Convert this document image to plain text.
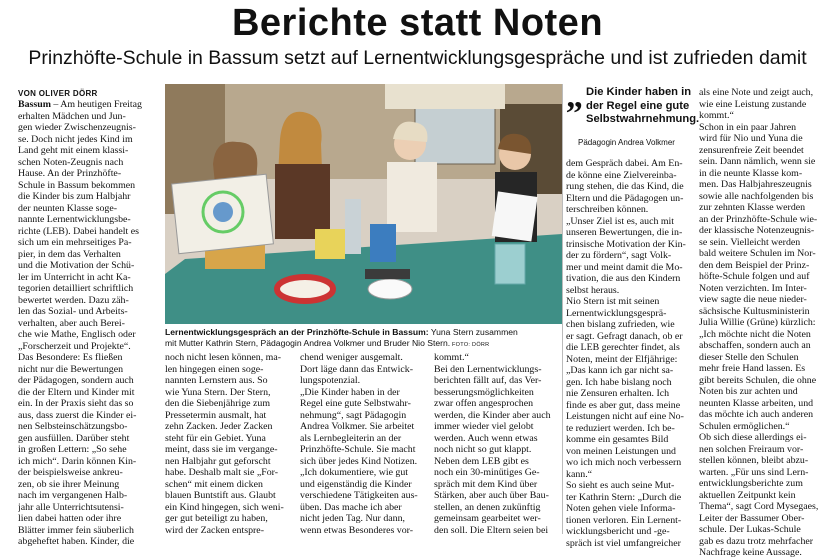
Berichte statt Noten
Prinzhöfte-Schule in Bassum setzt auf Lernentwicklungsgespräche und ist zufrieden damit
VON OLIVER DÖRR
Bassum – Am heutigen Freitag
erhalten Mädchen und Jun-
gen wieder Zwischenzeugnis-
se. Doch nicht jedes Kind im
Land geht mit einem klassi-
schen Noten-Zeugnis nach
Hause. An der Prinzhöfte-
Schule in Bassum bekommen
die Kinder bis zum Halbjahr
der neunten Klasse soge-
nannte Lernentwicklungsbe-
richte (LEB). Dabei handelt es
sich um ein mehrseitiges Pa-
pier, in dem das Verhalten
und die Motivation der Schü-
ler im Unterricht in acht Ka-
tegorien detailliert schriftlich
bewertet werden. Dazu zäh-
len das Sozial- und Arbeits-
verhalten, aber auch Berei-
che wie Mathe, Englisch oder
„Forscherzeit und Projekte“.
Das Besondere: Es fließen
nicht nur die Bewertungen
der Pädagogen, sondern auch
die der Eltern und Kinder mit
ein. In der Praxis sieht das so
aus, dass zuerst die Kinder ei-
nen Selbsteinschätzungsbo-
gen ausfüllen. Darüber steht
in großen Lettern: „So sehe
ich mich“. Darin können Kin-
der beispielsweise ankreu-
zen, ob sie ihrer Meinung
nach im vergangenen Halb-
jahr alle Unterrichtsutensi-
lien dabei hatten oder ihre
Blätter immer fein säuberlich
abgeheftet haben. Kinder, die
Lernentwicklungsgespräch an der Prinzhöfte-Schule in Bassum: Yuna Stern zusammen
mit Mutter Kathrin Stern, Pädagogin Andrea Volkmer und Bruder Nio Stern. FOTO: DÖRR
noch nicht lesen können, ma-
len hingegen einen soge-
nannten Lernstern aus. So
wie Yuna Stern. Der Stern,
den die Siebenjährige zum
Pressetermin ausmalt, hat
zehn Zacken. Jeder Zacken
steht für ein Gebiet. Yuna
meint, dass sie im vergange-
nen Halbjahr gut geforscht
habe. Deshalb malt sie „For-
schen“ mit einem dicken
blauen Buntstift aus. Glaubt
ein Kind hingegen, sich weni-
ger gut beteiligt zu haben,
wird der Zacken entspre-
chend weniger ausgemalt.
Dort läge dann das Entwick-
lungspotenzial.
„Die Kinder haben in der
Regel eine gute Selbstwahr-
nehmung“, sagt Pädagogin
Andrea Volkmer. Sie arbeitet
als Lernbegleiterin an der
Prinzhöfte-Schule. Sie macht
sich über jedes Kind Notizen.
„Ich dokumentiere, wie gut
und eigenständig die Kinder
verschiedene Tätigkeiten aus-
üben. Das mache ich aber
nicht jeden Tag. Nur dann,
wenn etwas Besonderes vor-
kommt.“
Bei den Lernentwicklungs-
berichten fällt auf, das Ver-
besserungsmöglichkeiten
zwar offen angesprochen
werden, die Kinder aber auch
immer wieder viel gelobt
werden. Auch wenn etwas
noch nicht so gut klappt.
Neben dem LEB gibt es
noch ein 30-minütiges Ge-
spräch mit dem Kind über
Stärken, aber auch über Bau-
stellen, an denen zukünftig
gemeinsam gearbeitet wer-
den soll. Die Eltern seien bei
„ Die Kinder haben in der Regel eine gute Selbstwahrnehmung.
Pädagogin Andrea Volkmer
dem Gespräch dabei. Am En-
de könne eine Zielvereinba-
rung stehen, die das Kind, die
Eltern und die Pädagogen un-
terschreiben können.
„Unser Ziel ist es, auch mit
unseren Bewertungen, die in-
trinsische Motivation der Kin-
der zu fördern“, sagt Volk-
mer und meint damit die Mo-
tivation, die aus den Kindern
selbst heraus.
Nio Stern ist mit seinen
Lernentwicklungsgesprä-
chen bislang zufrieden, wie
er sagt. Gefragt danach, ob er
die LEB gerechter findet, als
Noten, meint der Elfjährige:
„Das kann ich gar nicht sa-
gen. Ich habe bislang noch
nie Zensuren erhalten. Ich
finde es aber gut, dass meine
Leistungen nicht auf eine No-
te reduziert werden. Ich be-
komme ein gesamtes Bild
von meinen Leistungen und
wo ich mich noch verbessern
kann.“
So sieht es auch seine Mut-
ter Kathrin Stern: „Durch die
Noten gehen viele Informa-
tionen verloren. Ein Lernent-
wicklungsbericht und -ge-
spräch ist viel umfangreicher
als eine Note und zeigt auch,
wie eine Leistung zustande
kommt.“
Schon in ein paar Jahren
wird für Nio und Yuna die
zensurenfreie Zeit beendet
sein. Dann nämlich, wenn sie
in die neunte Klasse kom-
men. Das Halbjahreszeugnis
sowie alle nachfolgenden bis
zur zehnten Klasse werden
an der Prinzhöfte-Schule wie-
der klassische Notenzeugnis-
se sein. Vielleicht werden
bald weitere Schulen im Nor-
den dem Beispiel der Prinz-
höfte-Schule folgen und auf
Noten verzichten. Im Inter-
view sagte die neue nieder-
sächsische Kultusministerin
Julia Willie (Grüne) kürzlich:
„Ich möchte nicht die Noten
abschaffen, sondern auch an
dieser Stelle den Schulen
mehr freie Hand lassen. Es
gibt bereits Schulen, die ohne
Noten bis zur achten und
neunten Klasse arbeiten, und
das möchte ich auch anderen
Schulen ermöglichen.“
Ob sich diese allerdings ei-
nen solchen Freiraum vor-
stellen können, bleibt abzu-
warten. „Für uns sind Lern-
entwicklungsberichte zum
aktuellen Zeitpunkt kein
Thema“, sagt Cord Mysegaes,
Leiter der Bassumer Ober-
schule. Der Lukas-Schule
gab es dazu trotz mehrfacher
Nachfrage keine Aussage.
